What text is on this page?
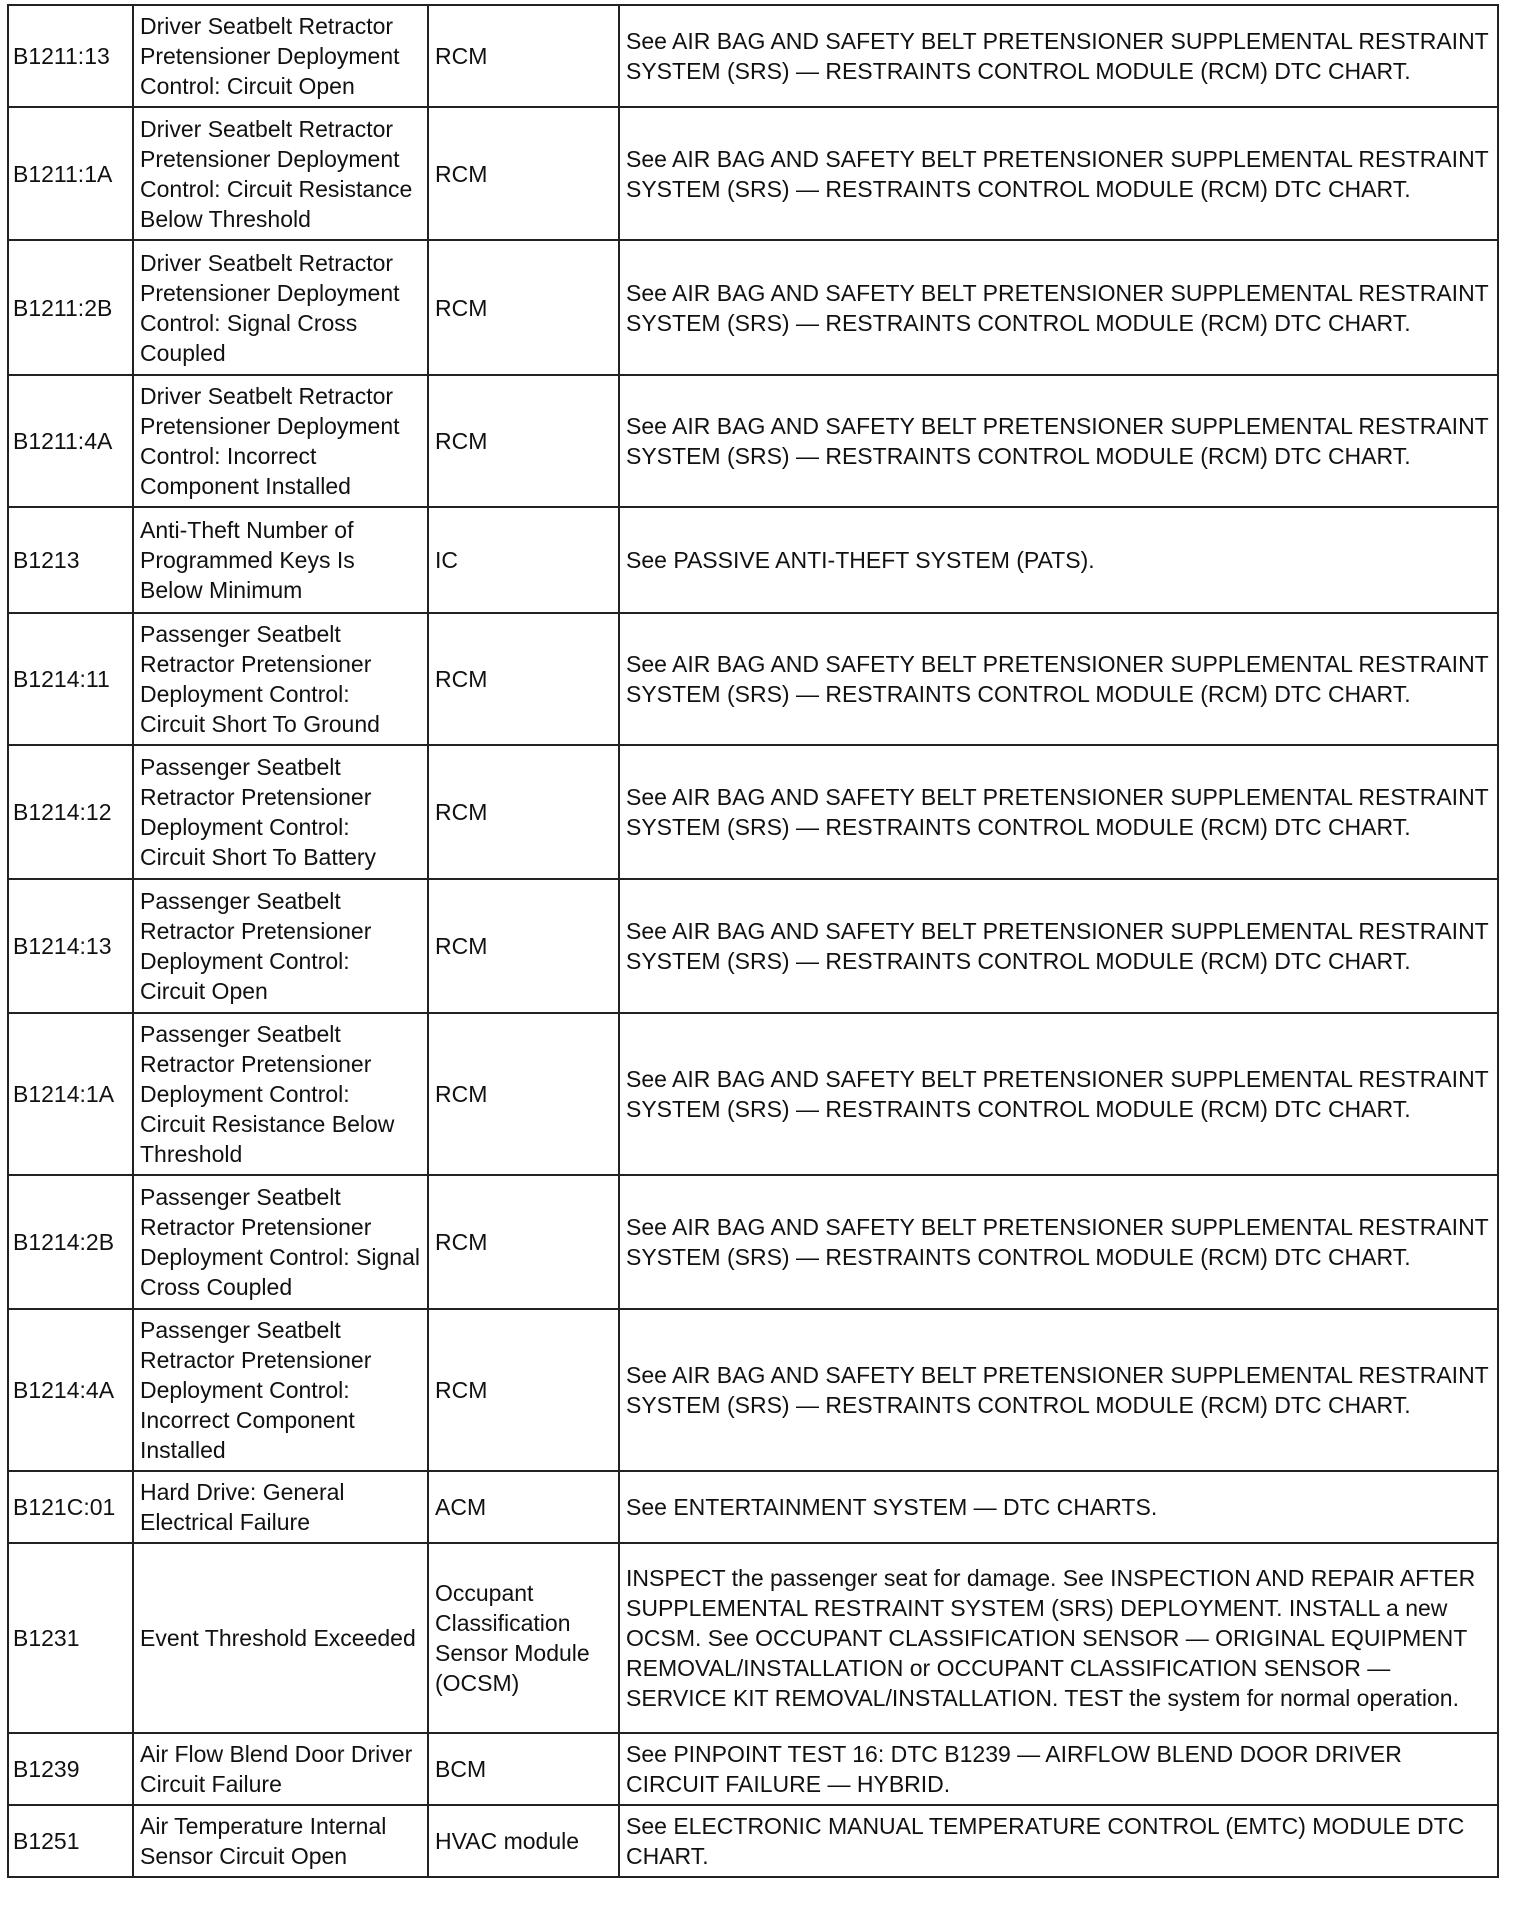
B1211:13	Driver Seatbelt Retractor Pretensioner Deployment Control: Circuit Open	RCM	See AIR BAG AND SAFETY BELT PRETENSIONER SUPPLEMENTAL RESTRAINT SYSTEM (SRS) — RESTRAINTS CONTROL MODULE (RCM) DTC CHART.
B1211:1A	Driver Seatbelt Retractor Pretensioner Deployment Control: Circuit Resistance Below Threshold	RCM	See AIR BAG AND SAFETY BELT PRETENSIONER SUPPLEMENTAL RESTRAINT SYSTEM (SRS) — RESTRAINTS CONTROL MODULE (RCM) DTC CHART.
B1211:2B	Driver Seatbelt Retractor Pretensioner Deployment Control: Signal Cross Coupled	RCM	See AIR BAG AND SAFETY BELT PRETENSIONER SUPPLEMENTAL RESTRAINT SYSTEM (SRS) — RESTRAINTS CONTROL MODULE (RCM) DTC CHART.
B1211:4A	Driver Seatbelt Retractor Pretensioner Deployment Control: Incorrect Component Installed	RCM	See AIR BAG AND SAFETY BELT PRETENSIONER SUPPLEMENTAL RESTRAINT SYSTEM (SRS) — RESTRAINTS CONTROL MODULE (RCM) DTC CHART.
B1213	Anti-Theft Number of Programmed Keys Is Below Minimum	IC	See PASSIVE ANTI-THEFT SYSTEM (PATS).
B1214:11	Passenger Seatbelt Retractor Pretensioner Deployment Control: Circuit Short To Ground	RCM	See AIR BAG AND SAFETY BELT PRETENSIONER SUPPLEMENTAL RESTRAINT SYSTEM (SRS) — RESTRAINTS CONTROL MODULE (RCM) DTC CHART.
B1214:12	Passenger Seatbelt Retractor Pretensioner Deployment Control: Circuit Short To Battery	RCM	See AIR BAG AND SAFETY BELT PRETENSIONER SUPPLEMENTAL RESTRAINT SYSTEM (SRS) — RESTRAINTS CONTROL MODULE (RCM) DTC CHART.
B1214:13	Passenger Seatbelt Retractor Pretensioner Deployment Control: Circuit Open	RCM	See AIR BAG AND SAFETY BELT PRETENSIONER SUPPLEMENTAL RESTRAINT SYSTEM (SRS) — RESTRAINTS CONTROL MODULE (RCM) DTC CHART.
B1214:1A	Passenger Seatbelt Retractor Pretensioner Deployment Control: Circuit Resistance Below Threshold	RCM	See AIR BAG AND SAFETY BELT PRETENSIONER SUPPLEMENTAL RESTRAINT SYSTEM (SRS) — RESTRAINTS CONTROL MODULE (RCM) DTC CHART.
B1214:2B	Passenger Seatbelt Retractor Pretensioner Deployment Control: Signal Cross Coupled	RCM	See AIR BAG AND SAFETY BELT PRETENSIONER SUPPLEMENTAL RESTRAINT SYSTEM (SRS) — RESTRAINTS CONTROL MODULE (RCM) DTC CHART.
B1214:4A	Passenger Seatbelt Retractor Pretensioner Deployment Control: Incorrect Component Installed	RCM	See AIR BAG AND SAFETY BELT PRETENSIONER SUPPLEMENTAL RESTRAINT SYSTEM (SRS) — RESTRAINTS CONTROL MODULE (RCM) DTC CHART.
B121C:01	Hard Drive: General Electrical Failure	ACM	See ENTERTAINMENT SYSTEM — DTC CHARTS.
B1231	Event Threshold Exceeded	Occupant Classification Sensor Module (OCSM)	INSPECT the passenger seat for damage. See INSPECTION AND REPAIR AFTER SUPPLEMENTAL RESTRAINT SYSTEM (SRS) DEPLOYMENT. INSTALL a new OCSM. See OCCUPANT CLASSIFICATION SENSOR — ORIGINAL EQUIPMENT REMOVAL/INSTALLATION or OCCUPANT CLASSIFICATION SENSOR — SERVICE KIT REMOVAL/INSTALLATION. TEST the system for normal operation.
B1239	Air Flow Blend Door Driver Circuit Failure	BCM	See PINPOINT TEST 16: DTC B1239 — AIRFLOW BLEND DOOR DRIVER CIRCUIT FAILURE — HYBRID.
B1251	Air Temperature Internal Sensor Circuit Open	HVAC module	See ELECTRONIC MANUAL TEMPERATURE CONTROL (EMTC) MODULE DTC CHART.
